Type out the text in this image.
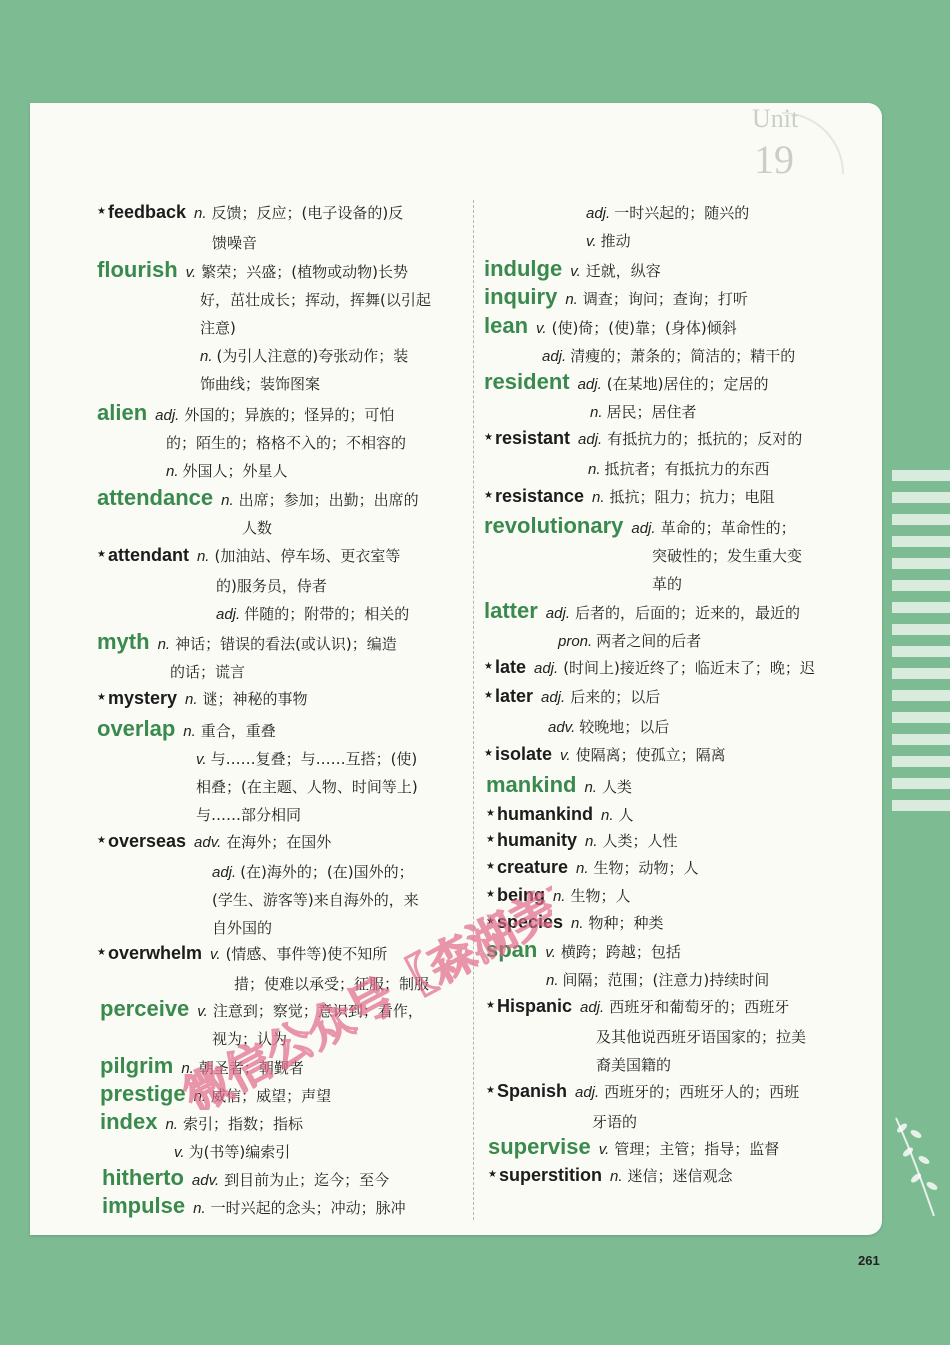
Unit
19
★ feedback n. 反馈；反应；(电子设备的)反
馈噪音
flourish v. 繁荣；兴盛；(植物或动物)长势
好，茁壮成长；挥动，挥舞(以引起
注意)
n. (为引人注意的)夸张动作；装
饰曲线；装饰图案
alien adj. 外国的；异族的；怪异的；可怕
的；陌生的；格格不入的；不相容的
n. 外国人；外星人
attendance n. 出席；参加；出勤；出席的
人数
★ attendant n. (加油站、停车场、更衣室等
的)服务员，侍者
adj. 伴随的；附带的；相关的
myth n. 神话；错误的看法(或认识)；编造
的话；谎言
★ mystery n. 谜；神秘的事物
overlap n. 重合，重叠
v. 与……复叠；与……互搭；(使)
相叠；(在主题、人物、时间等上)
与……部分相同
★ overseas adv. 在海外；在国外
adj. (在)海外的；(在)国外的；
(学生、游客等)来自海外的，来
自外国的
★ overwhelm v. (情感、事件等)使不知所
措；使难以承受；征服；制服
perceive v. 注意到；察觉；意识到；看作，
视为；认为
pilgrim n. 朝圣者；朝觐者
prestige n. 威信；威望；声望
index n. 索引；指数；指标
v. 为(书等)编索引
hitherto adv. 到目前为止；迄今；至今
impulse n. 一时兴起的念头；冲动；脉冲
adj. 一时兴起的；随兴的
v. 推动
indulge v. 迁就，纵容
inquiry n. 调查；询问；查询；打听
lean v. (使)倚；(使)靠；(身体)倾斜
adj. 清瘦的；萧条的；简洁的；精干的
resident adj. (在某地)居住的；定居的
n. 居民；居住者
★ resistant adj. 有抵抗力的；抵抗的；反对的
n. 抵抗者；有抵抗力的东西
★ resistance n. 抵抗；阻力；抗力；电阻
revolutionary adj. 革命的；革命性的；
突破性的；发生重大变
革的
latter adj. 后者的，后面的；近来的，最近的
pron. 两者之间的后者
★ late adj. (时间上)接近终了；临近末了；晚；迟
★ later adj. 后来的；以后
adv. 较晚地；以后
★ isolate v. 使隔离；使孤立；隔离
mankind n. 人类
★ humankind n. 人
★ humanity n. 人类；人性
★ creature n. 生物；动物；人
★ being n. 生物；人
★ species n. 物种；种类
span v. 横跨；跨越；包括
n. 间隔；范围；(注意力)持续时间
★ Hispanic adj. 西班牙和葡萄牙的；西班牙
及其他说西班牙语国家的；拉美
裔美国籍的
★ Spanish adj. 西班牙的；西班牙人的；西班
牙语的
supervise v. 管理；主管；指导；监督
★ superstition n. 迷信；迷信观念
261
